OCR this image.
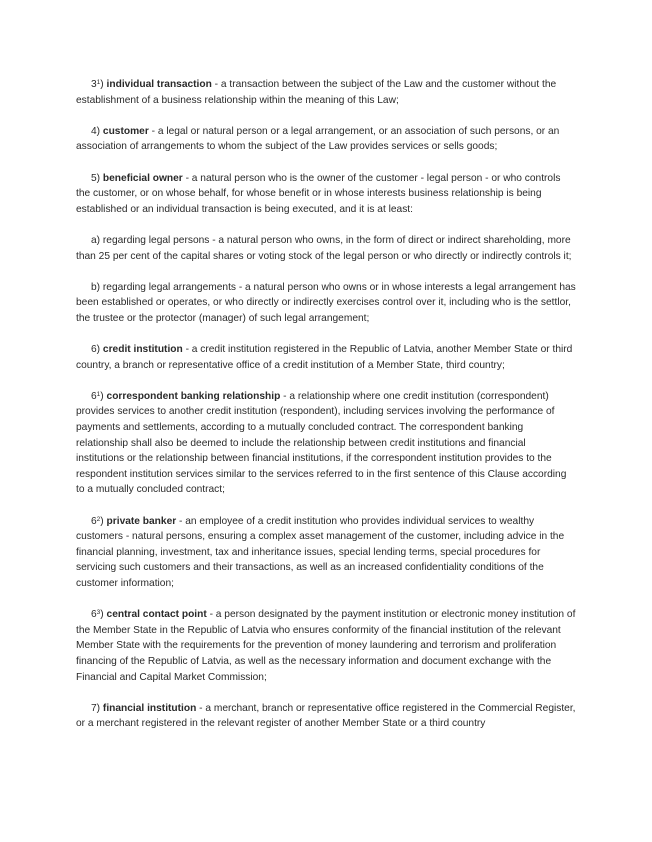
$3^1$) individual transaction - a transaction between the subject of the Law and the customer without the establishment of a business relationship within the meaning of this Law;

4) customer - a legal or natural person or a legal arrangement, or an association of such persons, or an association of arrangements to whom the subject of the Law provides services or sells goods;

5) beneficial owner - a natural person who is the owner of the customer - legal person - or who controls the customer, or on whose behalf, for whose benefit or in whose interests business relationship is being established or an individual transaction is being executed, and it is at least:

a) regarding legal persons - a natural person who owns, in the form of direct or indirect shareholding, more than 25 per cent of the capital shares or voting stock of the legal person or who directly or indirectly controls it;

b) regarding legal arrangements - a natural person who owns or in whose interests a legal arrangement has been established or operates, or who directly or indirectly exercises control over it, including who is the settlor, the trustee or the protector (manager) of such legal arrangement;

6) credit institution - a credit institution registered in the Republic of Latvia, another Member State or third country, a branch or representative office of a credit institution of a Member State, third country;

$6^1$) correspondent banking relationship - a relationship where one credit institution (correspondent) provides services to another credit institution (respondent), including services involving the performance of payments and settlements, according to a mutually concluded contract. The correspondent banking relationship shall also be deemed to include the relationship between credit institutions and financial institutions or the relationship between financial institutions, if the correspondent institution provides to the respondent institution services similar to the services referred to in the first sentence of this Clause according to a mutually concluded contract;

$6^2$) private banker - an employee of a credit institution who provides individual services to wealthy customers - natural persons, ensuring a complex asset management of the customer, including advice in the financial planning, investment, tax and inheritance issues, special lending terms, special procedures for servicing such customers and their transactions, as well as an increased confidentiality conditions of the customer information;

$6^3$) central contact point - a person designated by the payment institution or electronic money institution of the Member State in the Republic of Latvia who ensures conformity of the financial institution of the relevant Member State with the requirements for the prevention of money laundering and terrorism and proliferation financing of the Republic of Latvia, as well as the necessary information and document exchange with the Financial and Capital Market Commission;

7) financial institution - a merchant, branch or representative office registered in the Commercial Register, or a merchant registered in the relevant register of another Member State or a third country
